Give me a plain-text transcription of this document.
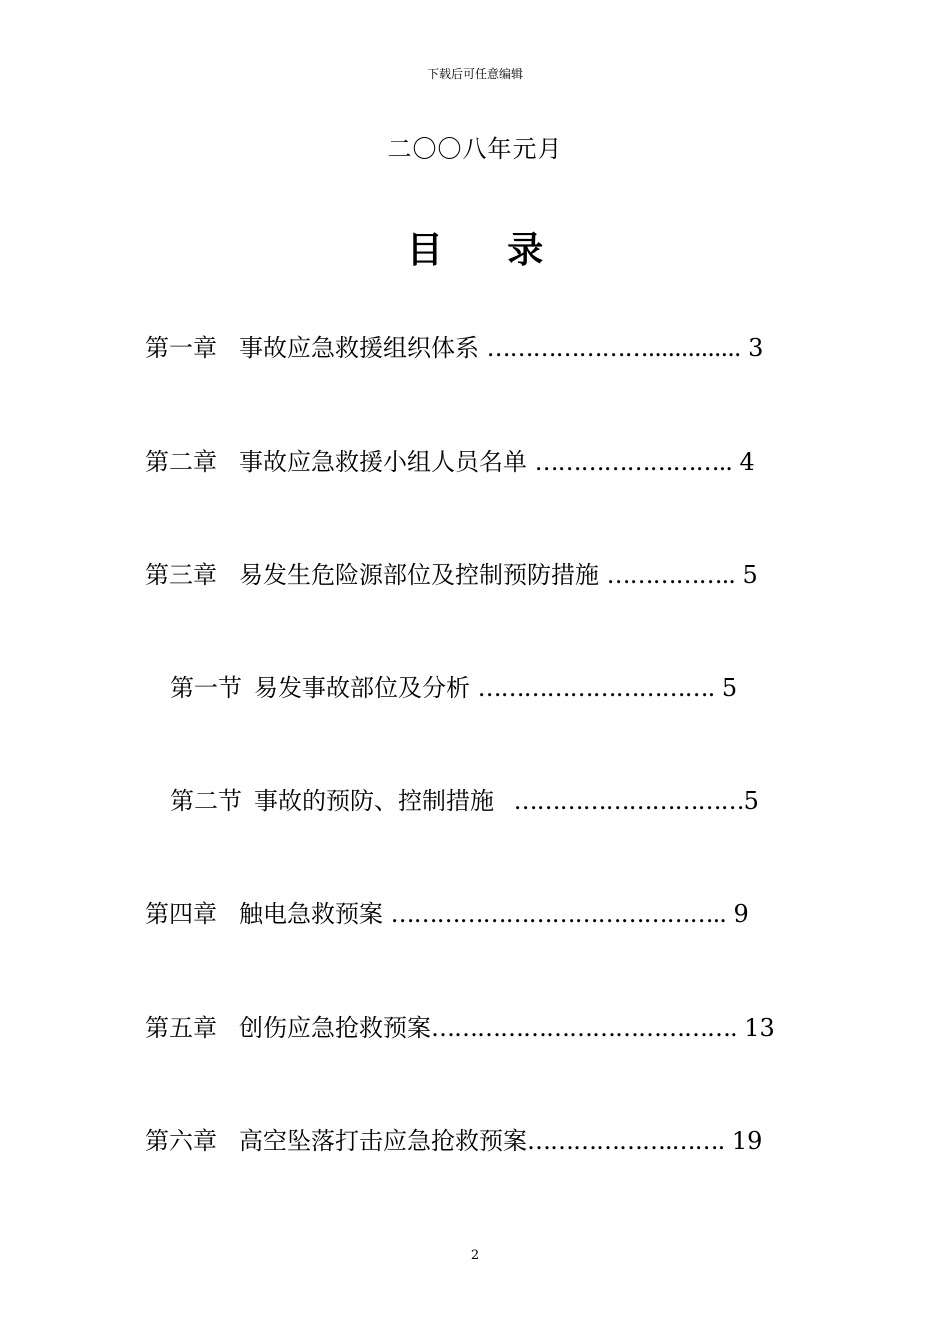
下载后可任意编辑
二〇〇八年元月
目 录
第一章 事故应急救援组织体系 ………………….............. 3
第二章 事故应急救援小组人员名单 …………………….. 4
第三章 易发生危险源部位及控制预防措施 …………….. 5
第一节 易发事故部位及分析 …………………………. 5
第二节 事故的预防、控制措施 …………………………5
第四章 触电急救预案 …………………………………….. 9
第五章 创伤应急抢救预案…………………………………. 13
第六章 高空坠落打击应急抢救预案……………….……. 19
2
